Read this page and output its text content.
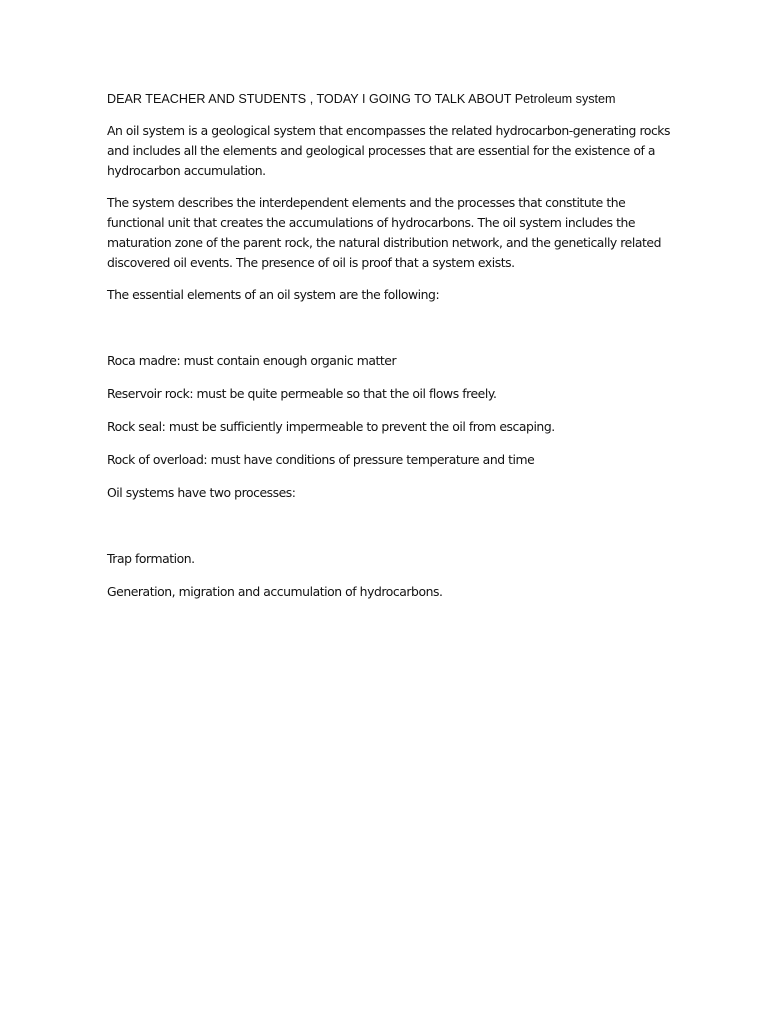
DEAR TEACHER AND STUDENTS , TODAY I GOING TO TALK ABOUT Petroleum system

An oil system is a geological system that encompasses the related hydrocarbon-generating rocks

and includes all the elements and geological processes that are essential for the existence of a

hydrocarbon accumulation.

The system describes the interdependent elements and the processes that constitute the

functional unit that creates the accumulations of hydrocarbons. The oil system includes the

maturation zone of the parent rock, the natural distribution network, and the genetically related

discovered oil events. The presence of oil is proof that a system exists.

The essential elements of an oil system are the following:

Roca madre: must contain enough organic matter

Reservoir rock: must be quite permeable so that the oil flows freely.

Rock seal: must be sufficiently impermeable to prevent the oil from escaping.

Rock of overload: must have conditions of pressure temperature and time

Oil systems have two processes:

Trap formation.

Generation, migration and accumulation of hydrocarbons.
